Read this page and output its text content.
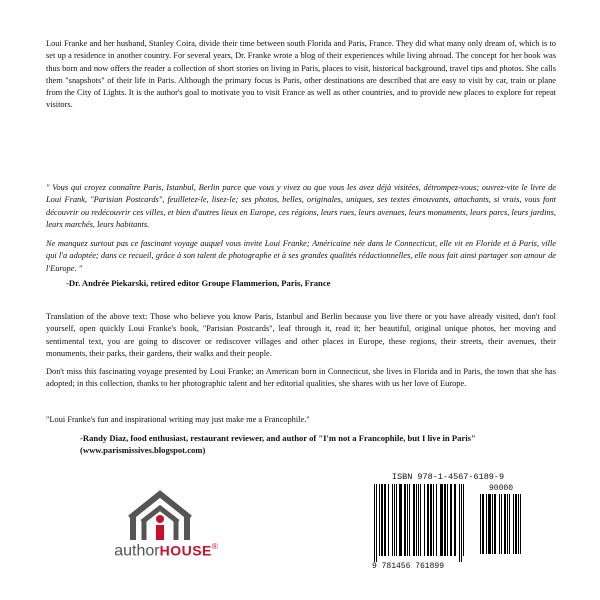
Loui Franke and her husband, Stanley Coira, divide their time between south Florida and Paris, France. They did what many only dream of, which is to set up a residence in another country. For several years, Dr. Franke wrote a blog of their experiences while living abroad. The concept for her book was thus born and now offers the reader a collection of short stories on living in Paris, places to visit, historical background, travel tips and photos. She calls them "snapshots" of their life in Paris. Although the primary focus is Paris, other destinations are described that are easy to visit by car, train or plane from the City of Lights. It is the author's goal to motivate you to visit France as well as other countries, and to provide new places to explore for repeat visitors.

" Vous qui croyez connaître Paris, Istanbul, Berlin parce que vous y vivez ou que vous les avez déjà visitées, détrompez-vous; ouvrez-vite le livre de Loui Frank, "Parisian Postcards", feuilletez-le, lisez-le; ses photos, belles, originales, uniques, ses textes émouvants, attachants, si vrais, vous font découvrir ou redécouvrir ces villes, et bien d'autres lieux en Europe, ces régions, leurs rues, leurs avenues, leurs monuments, leurs parcs, leurs jardins, leurs marchés, leurs habitants.

Ne manquez surtout pas ce fascinant voyage auquel vous invite Loui Franke; Américaine née dans le Connecticut, elle vit en Floride et à Paris, ville qui l'a adoptée; dans ce recueil, grâce à son talent de photographe et à ses grandes qualités rédactionnelles, elle nous fait ainsi partager son amour de l'Europe. "

-Dr. Andrée Piekarski, retired editor Groupe Flammerion, Paris, France

Translation of the above text: Those who believe you know Paris, Istanbul and Berlin because you live there or you have already visited, don't fool yourself, open quickly Loui Franke's book, "Parisian Postcards", leaf through it, read it; her beautiful, original unique photos, her moving and sentimental text, you are going to discover or rediscover villages and other places in Europe, these regions, their streets, their avenues, their monuments, their parks, their gardens, their walks and their people.

Don't miss this fascinating voyage presented by Loui Franke; an American born in Connecticut, she lives in Florida and in Paris, the town that she has adopted; in this collection, thanks to her photographic talent and her editorial qualities, she shares with us her love of Europe.

"Loui Franke's fun and inspirational writing may just make me a Francophile."

-Randy Diaz, food enthusiast, restaurant reviewer, and author of "I'm not a Francophile, but I live in Paris"
(www.parismissives.blogspot.com)
authorHOUSE®
ISBN 978-1-4567-6189-9
90000
9 781456 761899
